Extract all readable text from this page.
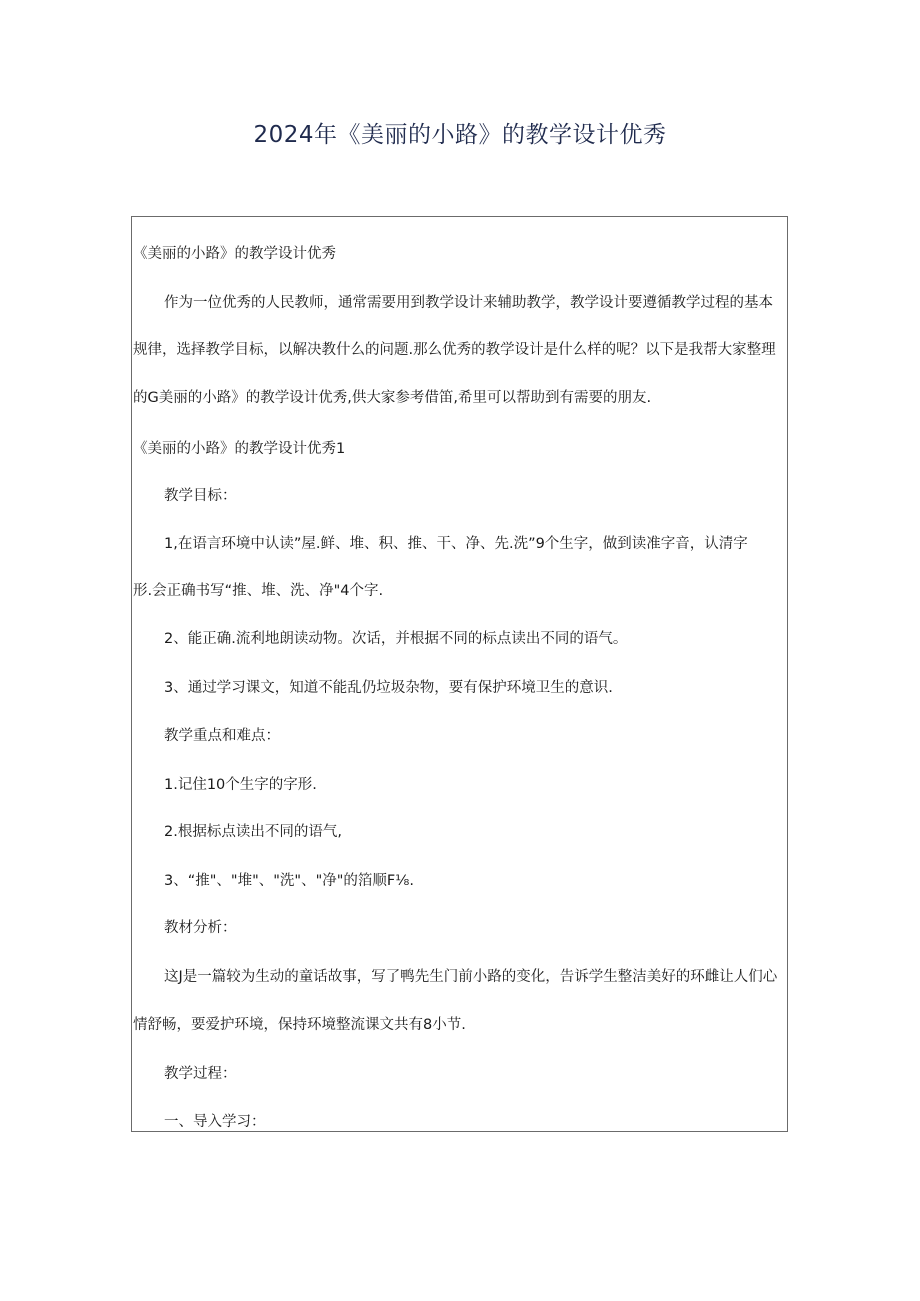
2024年《美丽的小路》的教学设计优秀
《美丽的小路》的教学设计优秀
作为一位优秀的人民教师，通常需要用到教学设计来辅助教学，教学设计要遵循教学过程的基本
规律，选择教学目标，以解决教什么的问题.那么优秀的教学设计是什么样的呢？以下是我帮大家整理
的G美丽的小路》的教学设计优秀,供大家参考借笛,希里可以帮助到有需要的朋友.
《美丽的小路》的教学设计优秀1
教学目标：
1,在语言环境中认读”屋.鲜、堆、积、推、干、净、先.洗”9个生字，做到读准字音，认清字
形.会正确书写“推、堆、洗、净"4个字.
2、能正确.流利地朗读动物。次话，并根据不同的标点读出不同的语气。
3、通过学习课文，知道不能乱仍垃圾杂物，要有保护环境卫生的意识.
教学重点和难点：
1.记住10个生字的字形.
2.根据标点读出不同的语气,
3、“推"、"堆"、"洗"、"净"的箔顺F⅛.
教材分析：
这J是一篇较为生动的童话故事，写了鸭先生门前小路的变化，告诉学生整洁美好的环雌让人们心
情舒畅，要爱护环境，保持环境整流课文共有8小节.
教学过程：
一、导入学习：
